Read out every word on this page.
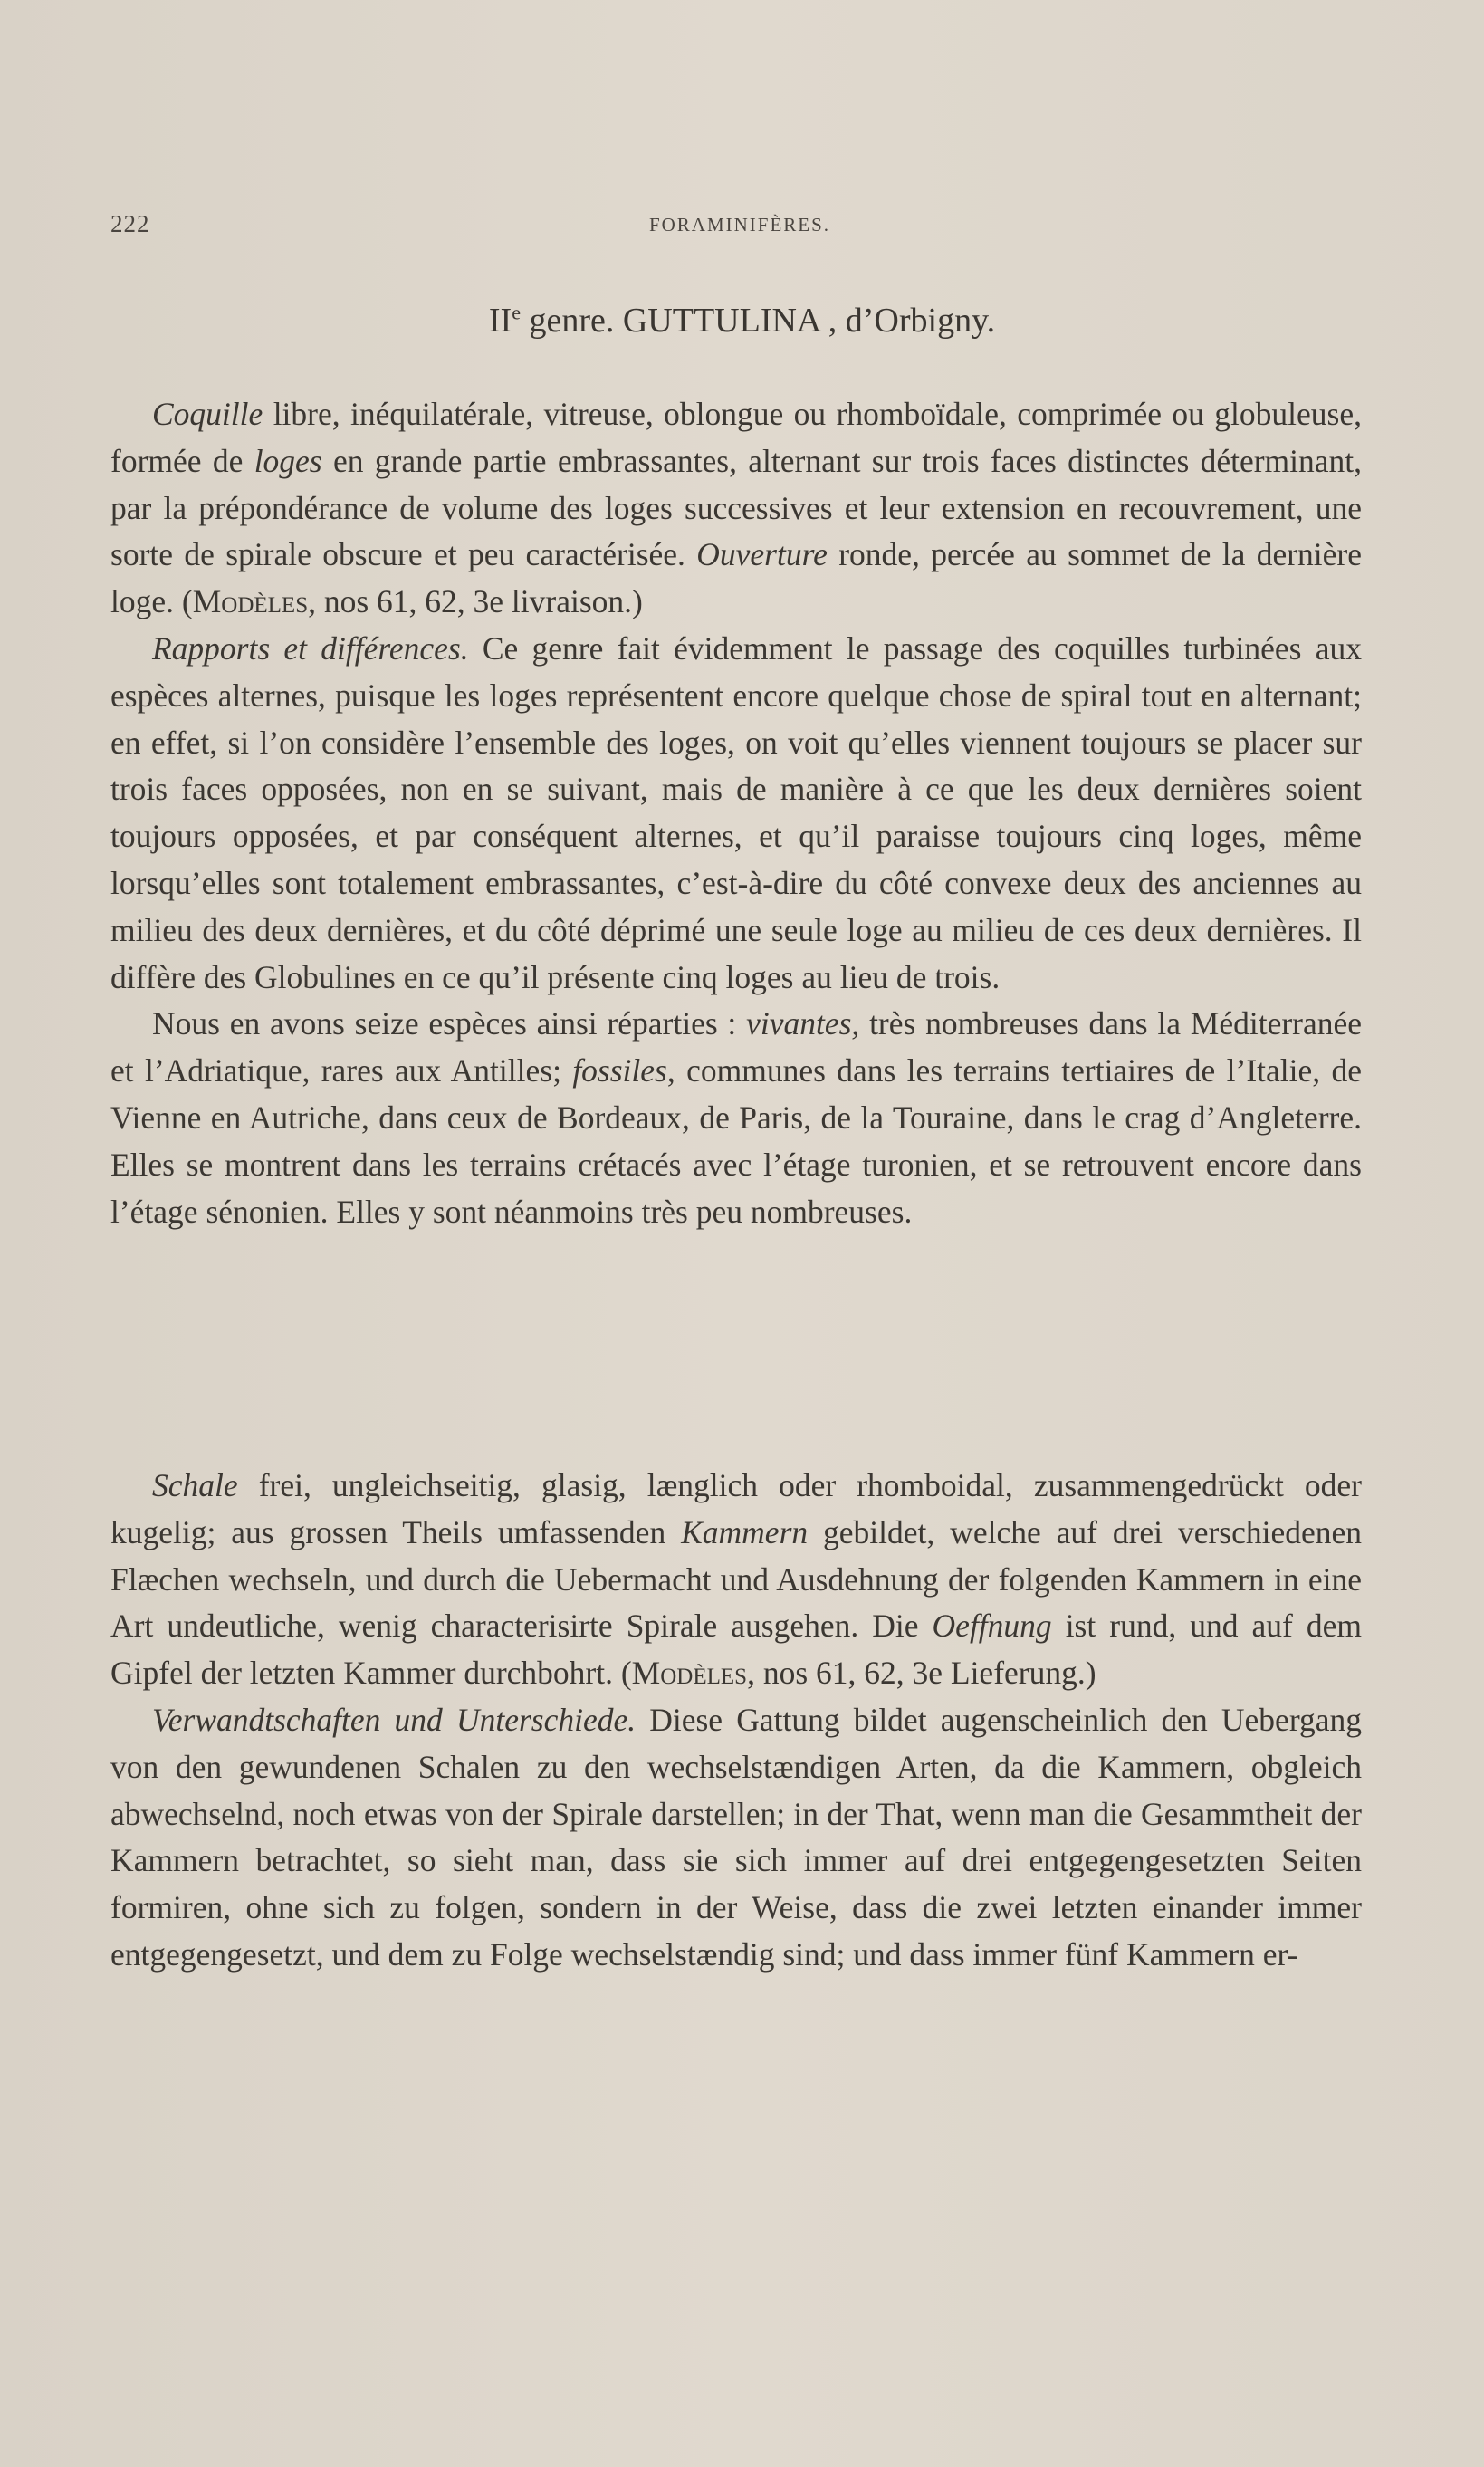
222	FORAMINIFÈRES.
IIe genre. GUTTULINA , d’Orbigny.

Coquille libre, inéquilatérale, vitreuse, oblongue ou rhomboïdale, comprimée ou globuleuse, formée de loges en grande partie embrassantes, alternant sur trois faces distinctes déterminant, par la prépondérance de volume des loges successives et leur extension en recouvrement, une sorte de spirale obscure et peu caractérisée. Ouverture ronde, percée au sommet de la dernière loge. (Modèles, nos 61, 62, 3e livraison.)

Rapports et différences. Ce genre fait évidemment le passage des coquilles turbinées aux espèces alternes, puisque les loges représentent encore quelque chose de spiral tout en alternant; en effet, si l’on considère l’ensemble des loges, on voit qu’elles viennent toujours se placer sur trois faces opposées, non en se suivant, mais de manière à ce que les deux dernières soient toujours opposées, et par conséquent alternes, et qu’il paraisse toujours cinq loges, même lorsqu’elles sont totalement embrassantes, c’est-à-dire du côté convexe deux des anciennes au milieu des deux dernières, et du côté déprimé une seule loge au milieu de ces deux dernières. Il diffère des Globulines en ce qu’il présente cinq loges au lieu de trois.

Nous en avons seize espèces ainsi réparties : vivantes, très nombreuses dans la Méditerranée et l’Adriatique, rares aux Antilles; fossiles, communes dans les terrains tertiaires de l’Italie, de Vienne en Autriche, dans ceux de Bordeaux, de Paris, de la Touraine, dans le crag d’Angleterre. Elles se montrent dans les terrains crétacés avec l’étage turonien, et se retrouvent encore dans l’étage sénonien. Elles y sont néanmoins très peu nombreuses.

Schale frei, ungleichseitig, glasig, længlich oder rhomboidal, zusammengedrückt oder kugelig; aus grossen Theils umfassenden Kammern gebildet, welche auf drei verschiedenen Flæchen wechseln, und durch die Uebermacht und Ausdehnung der folgenden Kammern in eine Art undeutliche, wenig characterisirte Spirale ausgehen. Die Oeffnung ist rund, und auf dem Gipfel der letzten Kammer durchbohrt. (Modèles, nos 61, 62, 3e Lieferung.)

Verwandtschaften und Unterschiede. Diese Gattung bildet augenscheinlich den Uebergang von den gewundenen Schalen zu den wechselstændigen Arten, da die Kammern, obgleich abwechselnd, noch etwas von der Spirale darstellen; in der That, wenn man die Gesammtheit der Kammern betrachtet, so sieht man, dass sie sich immer auf drei entgegengesetzten Seiten formiren, ohne sich zu folgen, sondern in der Weise, dass die zwei letzten einander immer entgegengesetzt, und dem zu Folge wechselstændig sind; und dass immer fünf Kammern er-
